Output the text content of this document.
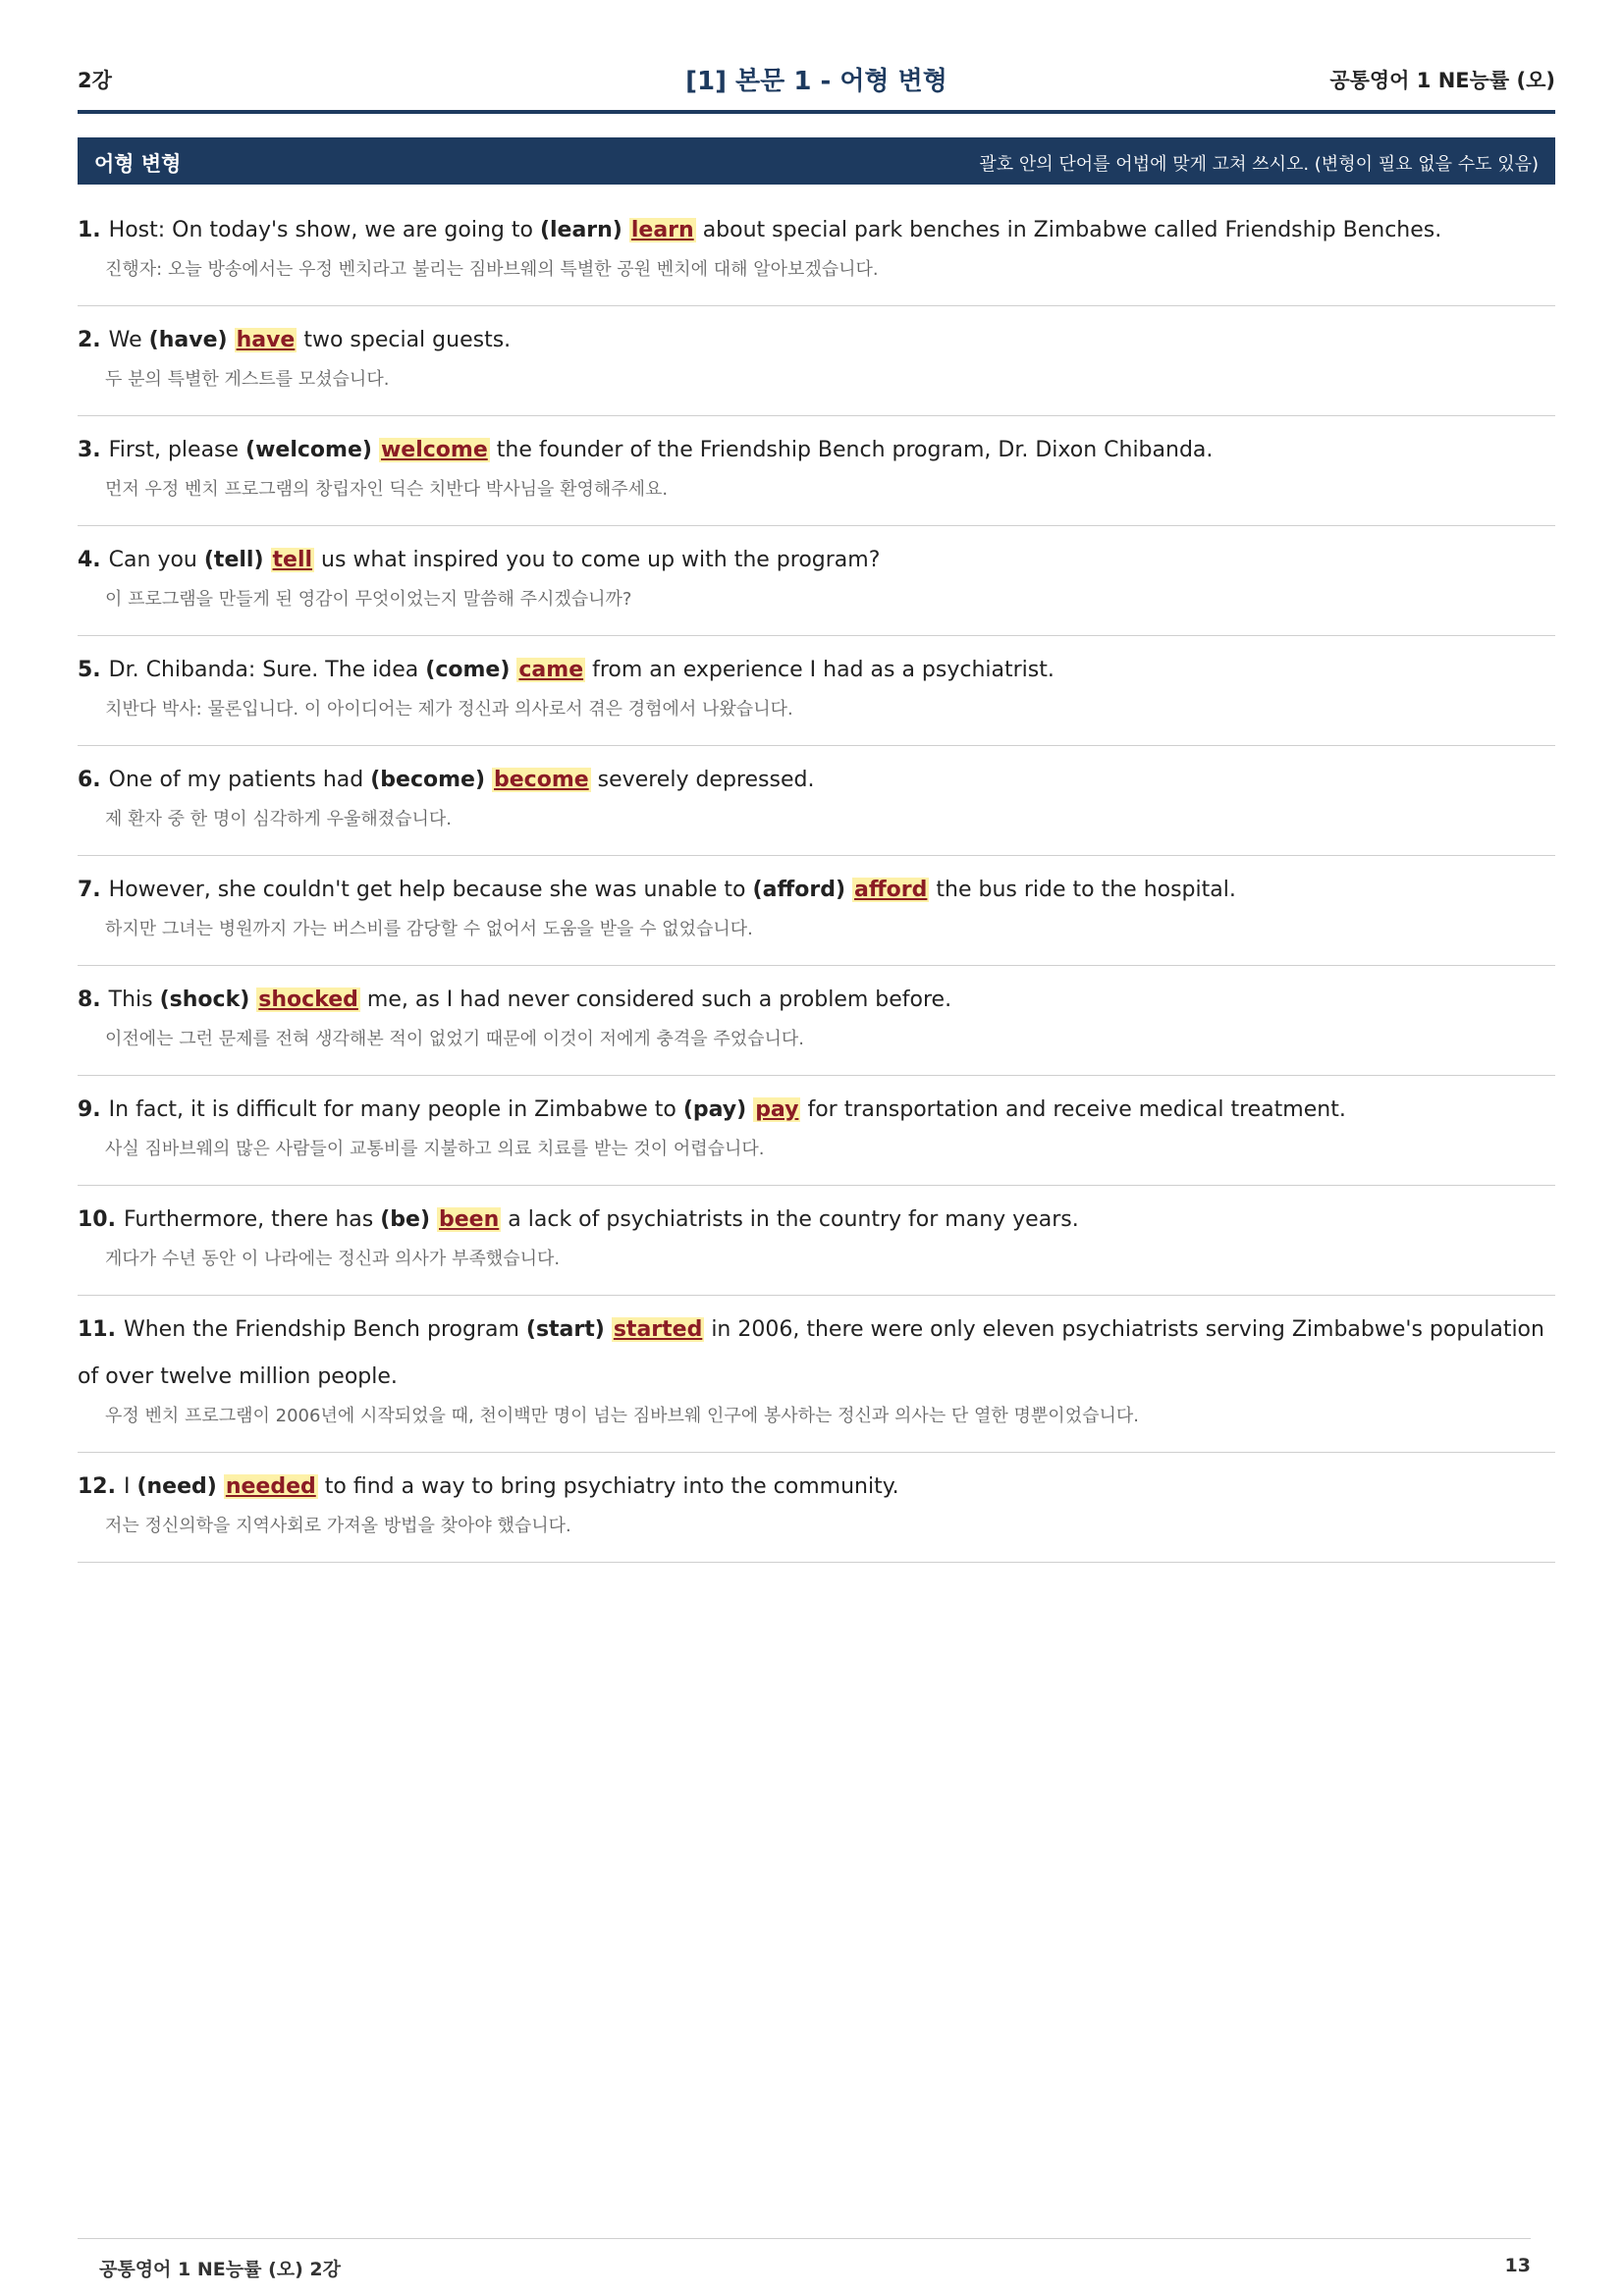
2강	[1] 본문 1 - 어형 변형	공통영어 1 NE능률 (오)
어형 변형	괄호 안의 단어를 어법에 맞게 고쳐 쓰시오. (변형이 필요 없을 수도 있음)
1. Host: On today's show, we are going to (learn) learn about special park benches in Zimbabwe called Friendship Benches.
진행자: 오늘 방송에서는 우정 벤치라고 불리는 짐바브웨의 특별한 공원 벤치에 대해 알아보겠습니다.
2. We (have) have two special guests.
두 분의 특별한 게스트를 모셨습니다.
3. First, please (welcome) welcome the founder of the Friendship Bench program, Dr. Dixon Chibanda.
먼저 우정 벤치 프로그램의 창립자인 딕슨 치반다 박사님을 환영해주세요.
4. Can you (tell) tell us what inspired you to come up with the program?
이 프로그램을 만들게 된 영감이 무엇이었는지 말씀해 주시겠습니까?
5. Dr. Chibanda: Sure. The idea (come) came from an experience I had as a psychiatrist.
치반다 박사: 물론입니다. 이 아이디어는 제가 정신과 의사로서 겪은 경험에서 나왔습니다.
6. One of my patients had (become) become severely depressed.
제 환자 중 한 명이 심각하게 우울해졌습니다.
7. However, she couldn't get help because she was unable to (afford) afford the bus ride to the hospital.
하지만 그녀는 병원까지 가는 버스비를 감당할 수 없어서 도움을 받을 수 없었습니다.
8. This (shock) shocked me, as I had never considered such a problem before.
이전에는 그런 문제를 전혀 생각해본 적이 없었기 때문에 이것이 저에게 충격을 주었습니다.
9. In fact, it is difficult for many people in Zimbabwe to (pay) pay for transportation and receive medical treatment.
사실 짐바브웨의 많은 사람들이 교통비를 지불하고 의료 치료를 받는 것이 어렵습니다.
10. Furthermore, there has (be) been a lack of psychiatrists in the country for many years.
게다가 수년 동안 이 나라에는 정신과 의사가 부족했습니다.
11. When the Friendship Bench program (start) started in 2006, there were only eleven psychiatrists serving Zimbabwe's population of over twelve million people.
우정 벤치 프로그램이 2006년에 시작되었을 때, 천이백만 명이 넘는 짐바브웨 인구에 봉사하는 정신과 의사는 단 열한 명뿐이었습니다.
12. I (need) needed to find a way to bring psychiatry into the community.
저는 정신의학을 지역사회로 가져올 방법을 찾아야 했습니다.
공통영어 1 NE능률 (오) 2강	13
